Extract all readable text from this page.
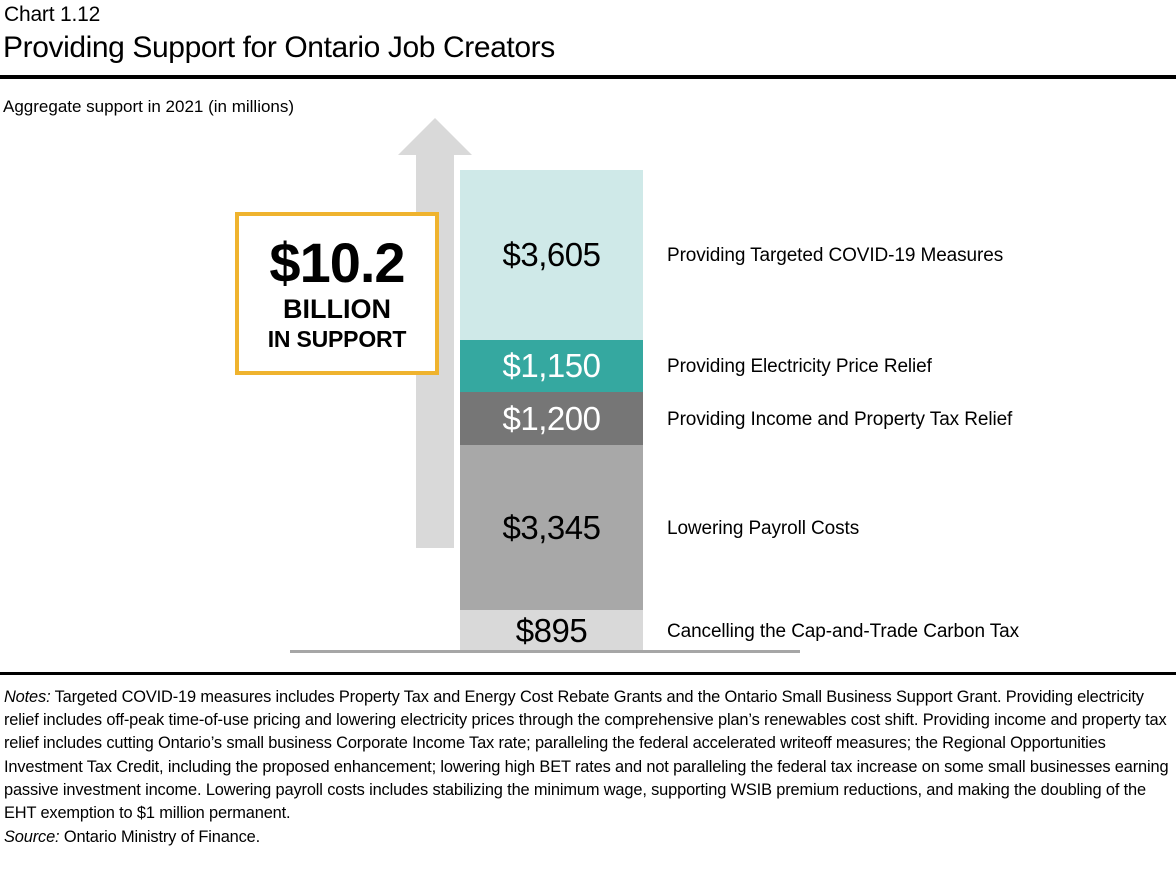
Chart 1.12
Providing Support for Ontario Job Creators
Aggregate support in 2021 (in millions)
$10.2
BILLION
IN SUPPORT
$3,605
$1,150
$1,200
$3,345
$895
Providing Targeted COVID-19 Measures
Providing Electricity Price Relief
Providing Income and Property Tax Relief
Lowering Payroll Costs
Cancelling the Cap-and-Trade Carbon Tax
Notes: Targeted COVID-19 measures includes Property Tax and Energy Cost Rebate Grants and the Ontario Small Business Support Grant. Providing electricity relief includes off-peak time-of-use pricing and lowering electricity prices through the comprehensive plan’s renewables cost shift. Providing income and property tax relief includes cutting Ontario’s small business Corporate Income Tax rate; paralleling the federal accelerated writeoff measures; the Regional Opportunities Investment Tax Credit, including the proposed enhancement; lowering high BET rates and not paralleling the federal tax increase on some small businesses earning passive investment income. Lowering payroll costs includes stabilizing the minimum wage, supporting WSIB premium reductions, and making the doubling of the EHT exemption to $1 million permanent.
Source: Ontario Ministry of Finance.
